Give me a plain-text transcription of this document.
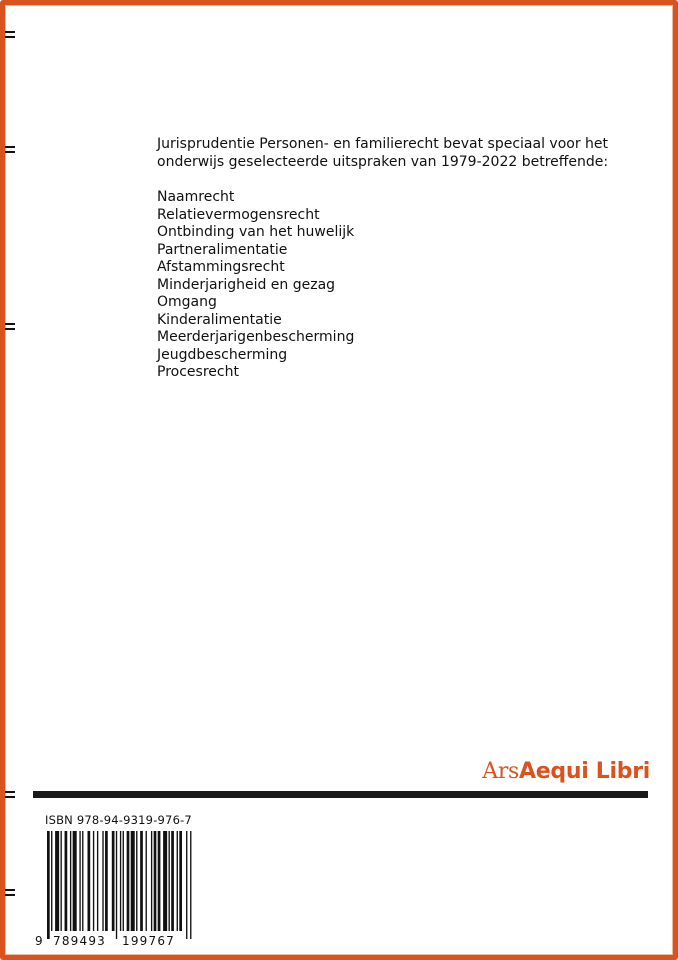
Jurisprudentie Personen- en familierecht bevat speciaal voor het onderwijs geselecteerde uitspraken van 1979-2022 betreffende:

Naamrecht
Relatievermogensrecht
Ontbinding van het huwelijk
Partneralimentatie
Afstammingsrecht
Minderjarigheid en gezag
Omgang
Kinderalimentatie
Meerderjarigenbescherming
Jeugdbescherming
Procesrecht
ArsAequi Libri
ISBN 978-94-9319-976-7
9 789493 199767
